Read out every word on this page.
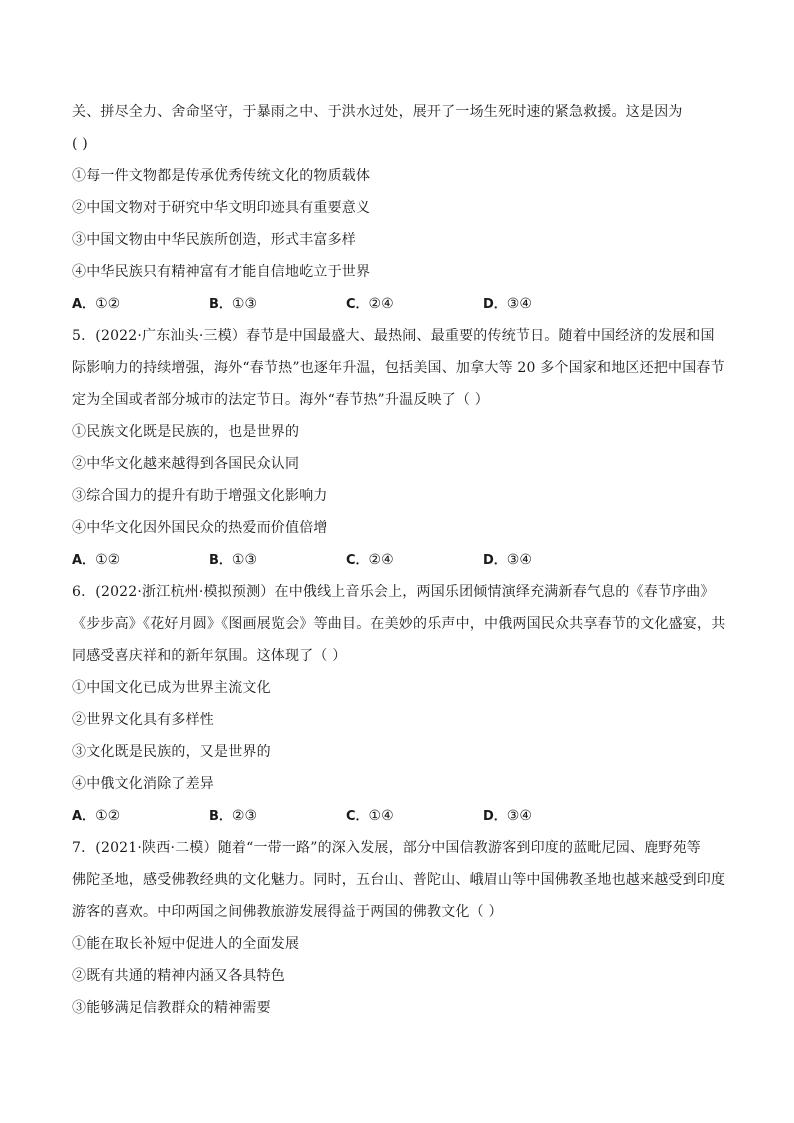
关、拼尽全力、舍命坚守，于暴雨之中、于洪水过处，展开了一场生死时速的紧急救援。这是因为

( )

①每一件文物都是传承优秀传统文化的物质载体

②中国文物对于研究中华文明印迹具有重要意义

③中国文物由中华民族所创造，形式丰富多样

④中华民族只有精神富有才能自信地屹立于世界

A．①②	B．①③	C．②④	D．③④

5．(2022·广东汕头·三模）春节是中国最盛大、最热闹、最重要的传统节日。随着中国经济的发展和国

际影响力的持续增强，海外“春节热”也逐年升温，包括美国、加拿大等 20 多个国家和地区还把中国春节

定为全国或者部分城市的法定节日。海外“春节热”升温反映了（ ）

①民族文化既是民族的，也是世界的

②中华文化越来越得到各国民众认同

③综合国力的提升有助于增强文化影响力

④中华文化因外国民众的热爱而价值倍增

A．①②	B．①③	C．②④	D．③④

6．(2022·浙江杭州·模拟预测）在中俄线上音乐会上，两国乐团倾情演绎充满新春气息的《春节序曲》

《步步高》《花好月圆》《图画展览会》等曲目。在美妙的乐声中，中俄两国民众共享春节的文化盛宴，共

同感受喜庆祥和的新年氛围。这体现了（ ）

①中国文化已成为世界主流文化

②世界文化具有多样性

③文化既是民族的，又是世界的

④中俄文化消除了差异

A．①②	B．②③	C．①④	D．③④

7．(2021·陕西·二模）随着“一带一路”的深入发展，部分中国信教游客到印度的蓝毗尼园、鹿野苑等

佛陀圣地，感受佛教经典的文化魅力。同时，五台山、普陀山、峨眉山等中国佛教圣地也越来越受到印度

游客的喜欢。中印两国之间佛教旅游发展得益于两国的佛教文化（ ）

①能在取长补短中促进人的全面发展

②既有共通的精神内涵又各具特色

③能够满足信教群众的精神需要
